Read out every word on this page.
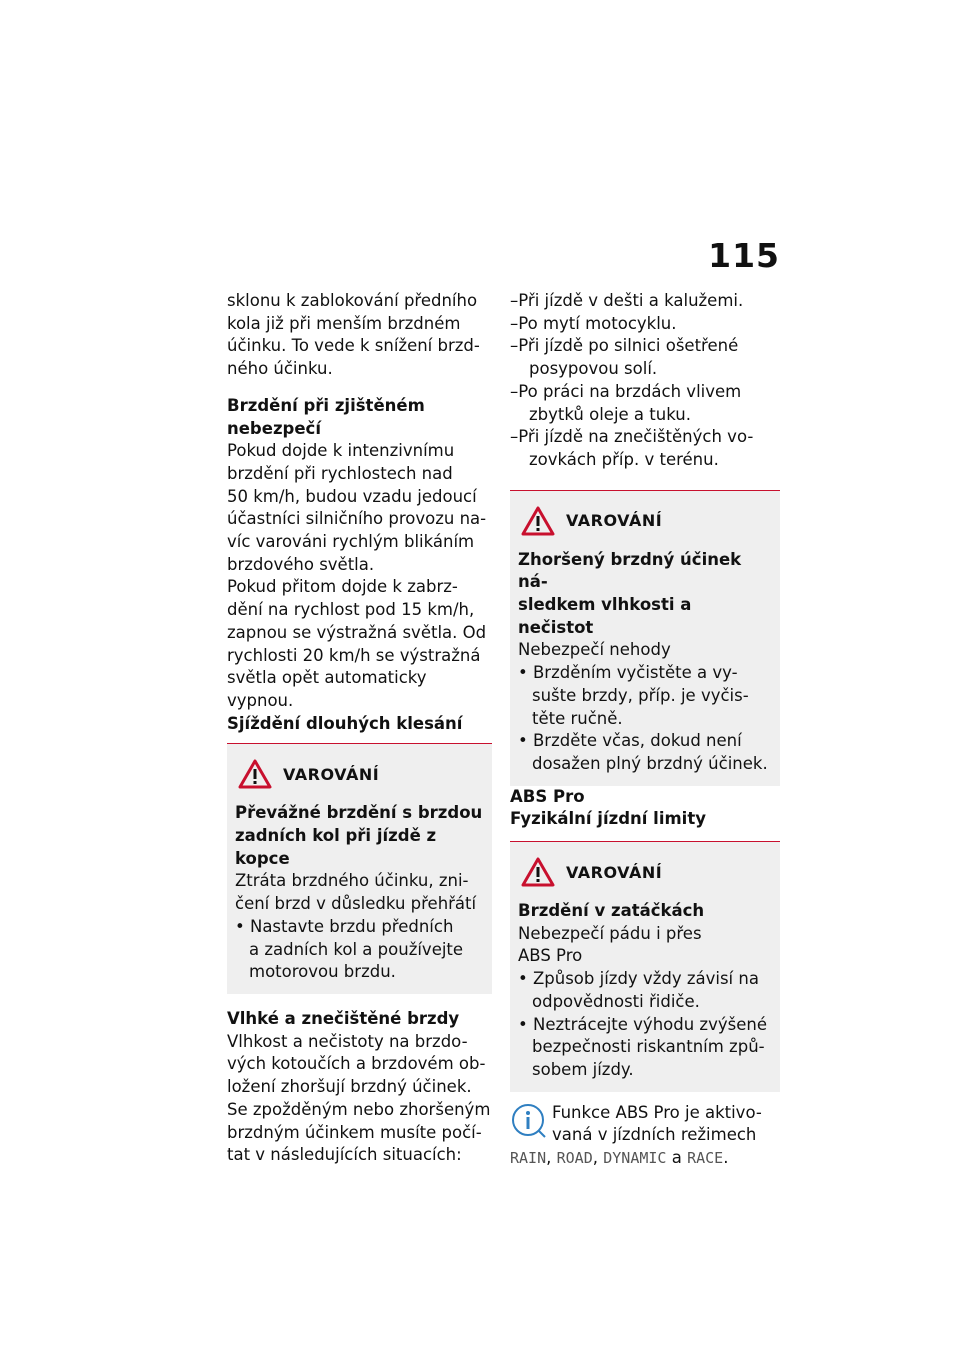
115

sklonu k zablokování předního

kola již při menším brzdném

účinku. To vede k snížení brzd-

ného účinku.

Brzdění při zjištěném

nebezpečí

Pokud dojde k intenzivnímu

brzdění při rychlostech nad

50 km/h, budou vzadu jedoucí

účastníci silničního provozu na-

víc varováni rychlým blikáním

brzdového světla.

Pokud přitom dojde k zabrz-

dění na rychlost pod 15 km/h,

zapnou se výstražná světla. Od

rychlosti 20 km/h se výstražná

světla opět automaticky vypnou.

Sjíždění dlouhých klesání

VAROVÁNÍ

Převážné brzdění s brzdou

zadních kol při jízdě z kopce

Ztráta brzdného účinku, zni-

čení brzd v důsledku přehřátí

• Nastavte brzdu předních

a zadních kol a používejte

motorovou brzdu.

Vlhké a znečištěné brzdy

Vlhkost a nečistoty na brzdo-

vých kotoučích a brzdovém ob-

ložení zhoršují brzdný účinek.

Se zpožděným nebo zhoršeným

brzdným účinkem musíte počí-

tat v následujících situacích:

–Při jízdě v dešti a kalužemi.

–Po mytí motocyklu.

–Při jízdě po silnici ošetřené

posypovou solí.

–Po práci na brzdách vlivem

zbytků oleje a tuku.

–Při jízdě na znečištěných vo-

zovkách příp. v terénu.

VAROVÁNÍ

Zhoršený brzdný účinek ná-

sledkem vlhkosti a nečistot

Nebezpečí nehody

• Brzděním vyčistěte a vy-

sušte brzdy, příp. je vyčis-

těte ručně.

• Brzděte včas, dokud není

dosažen plný brzdný účinek.

ABS Pro

Fyzikální jízdní limity

VAROVÁNÍ

Brzdění v zatáčkách

Nebezpečí pádu i přes

ABS Pro

• Způsob jízdy vždy závisí na

odpovědnosti řidiče.

• Neztrácejte výhodu zvýšené

bezpečnosti riskantním způ-

sobem jízdy.

Funkce ABS Pro je aktivo-

vaná v jízdních režimech

RAIN, ROAD, DYNAMIC a RACE.
